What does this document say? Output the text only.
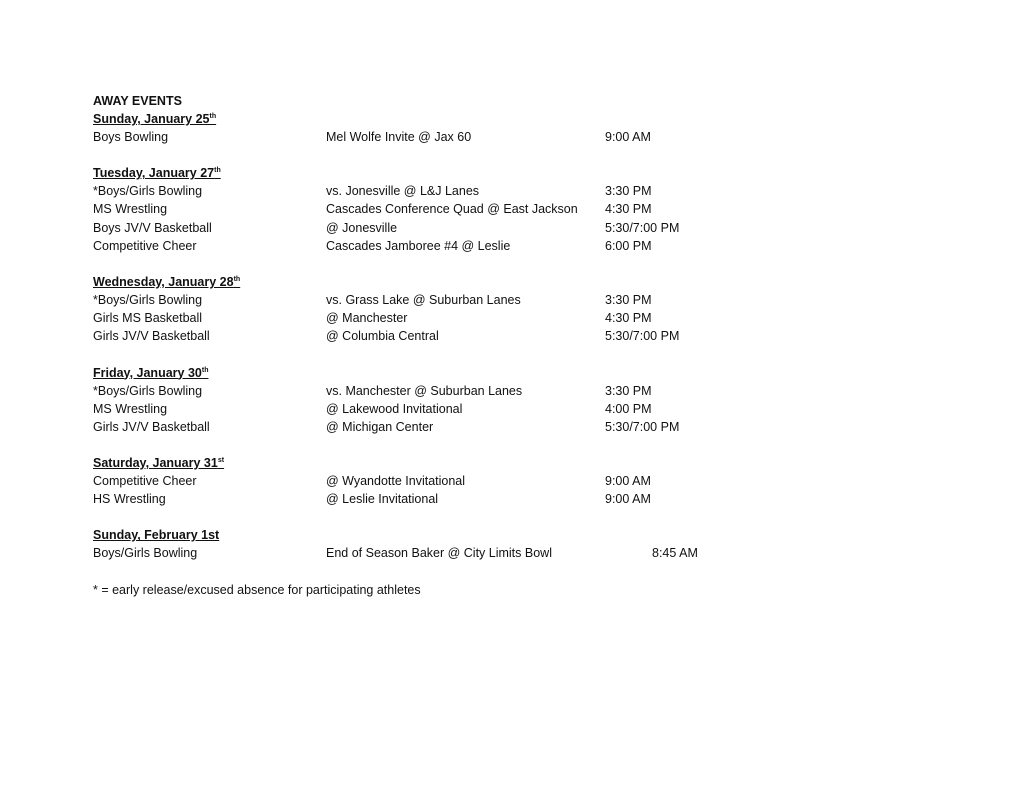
AWAY EVENTS
Sunday, January 25th
Boys Bowling	Mel Wolfe Invite @ Jax 60	9:00 AM
Tuesday, January 27th
*Boys/Girls Bowling	vs. Jonesville @ L&J Lanes	3:30 PM
MS Wrestling	Cascades Conference Quad @ East Jackson 4:30 PM
Boys JV/V Basketball	@ Jonesville	5:30/7:00 PM
Competitive Cheer	Cascades Jamboree #4 @ Leslie	6:00 PM
Wednesday, January 28th
*Boys/Girls Bowling	vs. Grass Lake @ Suburban Lanes	3:30 PM
Girls MS Basketball	@ Manchester	4:30 PM
Girls JV/V Basketball	@ Columbia Central	5:30/7:00 PM
Friday, January 30th
*Boys/Girls Bowling	vs. Manchester @ Suburban Lanes	3:30 PM
MS Wrestling	@ Lakewood Invitational	4:00 PM
Girls JV/V Basketball	@ Michigan Center	5:30/7:00 PM
Saturday, January 31st
Competitive Cheer	@ Wyandotte Invitational	9:00 AM
HS Wrestling	@ Leslie Invitational	9:00 AM
Sunday, February 1st
Boys/Girls Bowling	End of Season Baker @ City Limits Bowl	8:45 AM
* = early release/excused absence for participating athletes
